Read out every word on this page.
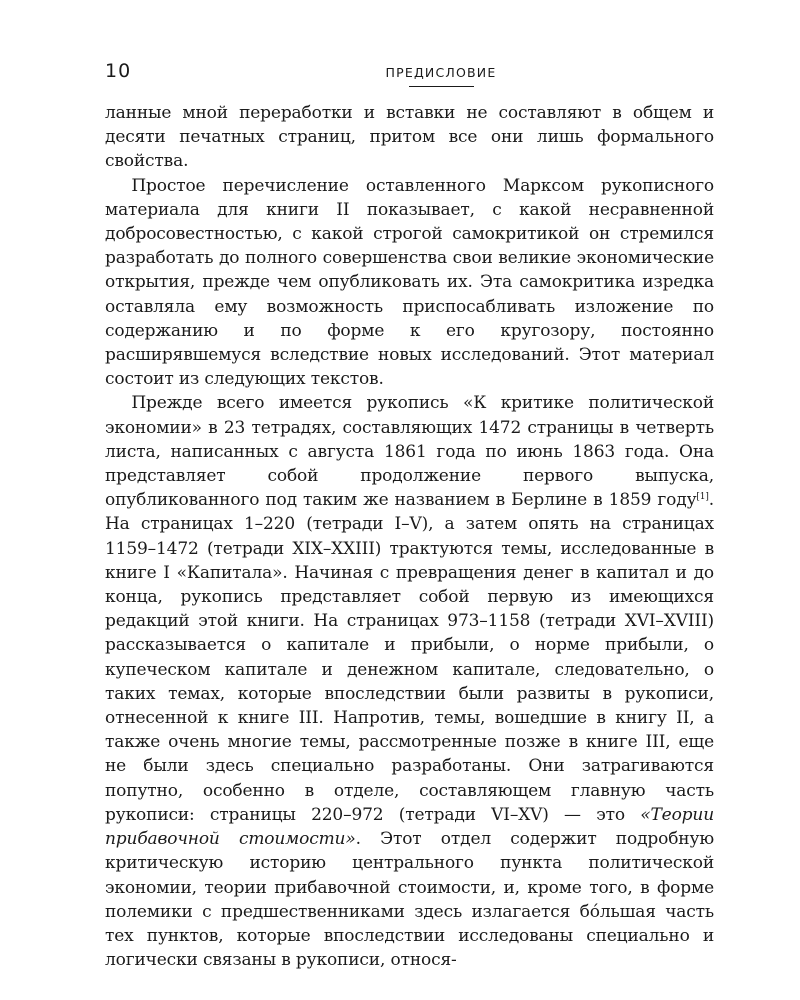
10	ПРЕДИСЛОВИЕ

ланные мной переработки и вставки не составляют в общем и десяти печатных страниц, притом все они лишь формального свойства.

Простое перечисление оставленного Марксом рукописного материала для книги II показывает, с какой несравненной добросовестностью, с какой строгой самокритикой он стремился разработать до полного совершенства свои великие экономические открытия, прежде чем опубликовать их. Эта самокритика изредка оставляла ему возможность приспосабливать изложение по содержанию и по форме к его кругозору, постоянно расширявшемуся вследствие новых исследований. Этот материал состоит из следующих текстов.

Прежде всего имеется рукопись «К критике политической экономии» в 23 тетрадях, составляющих 1472 страницы в четверть листа, написанных с августа 1861 года по июнь 1863 года. Она представляет собой продолжение первого выпуска, опубликованного под таким же названием в Берлине в 1859 году[1]. На страницах 1–220 (тетради I–V), а затем опять на страницах 1159–1472 (тетради XIX–XXIII) трактуются темы, исследованные в книге I «Капитала». Начиная с превращения денег в капитал и до конца, рукопись представляет собой первую из имеющихся редакций этой книги. На страницах 973–1158 (тетради XVI–XVIII) рассказывается о капитале и прибыли, о норме прибыли, о купеческом капитале и денежном капитале, следовательно, о таких темах, которые впоследствии были развиты в рукописи, отнесенной к книге III. Напротив, темы, вошедшие в книгу II, а также очень многие темы, рассмотренные позже в книге III, еще не были здесь специально разработаны. Они затрагиваются попутно, особенно в отделе, составляющем главную часть рукописи: страницы 220–972 (тетради VI–XV) — это «Теории прибавочной стоимости». Этот отдел содержит подробную критическую историю центрального пункта политической экономии, теории прибавочной стоимости, и, кроме того, в форме полемики с предшественниками здесь излагается бо́льшая часть тех пунктов, которые впоследствии исследованы специально и логически связаны в рукописи, относя-
